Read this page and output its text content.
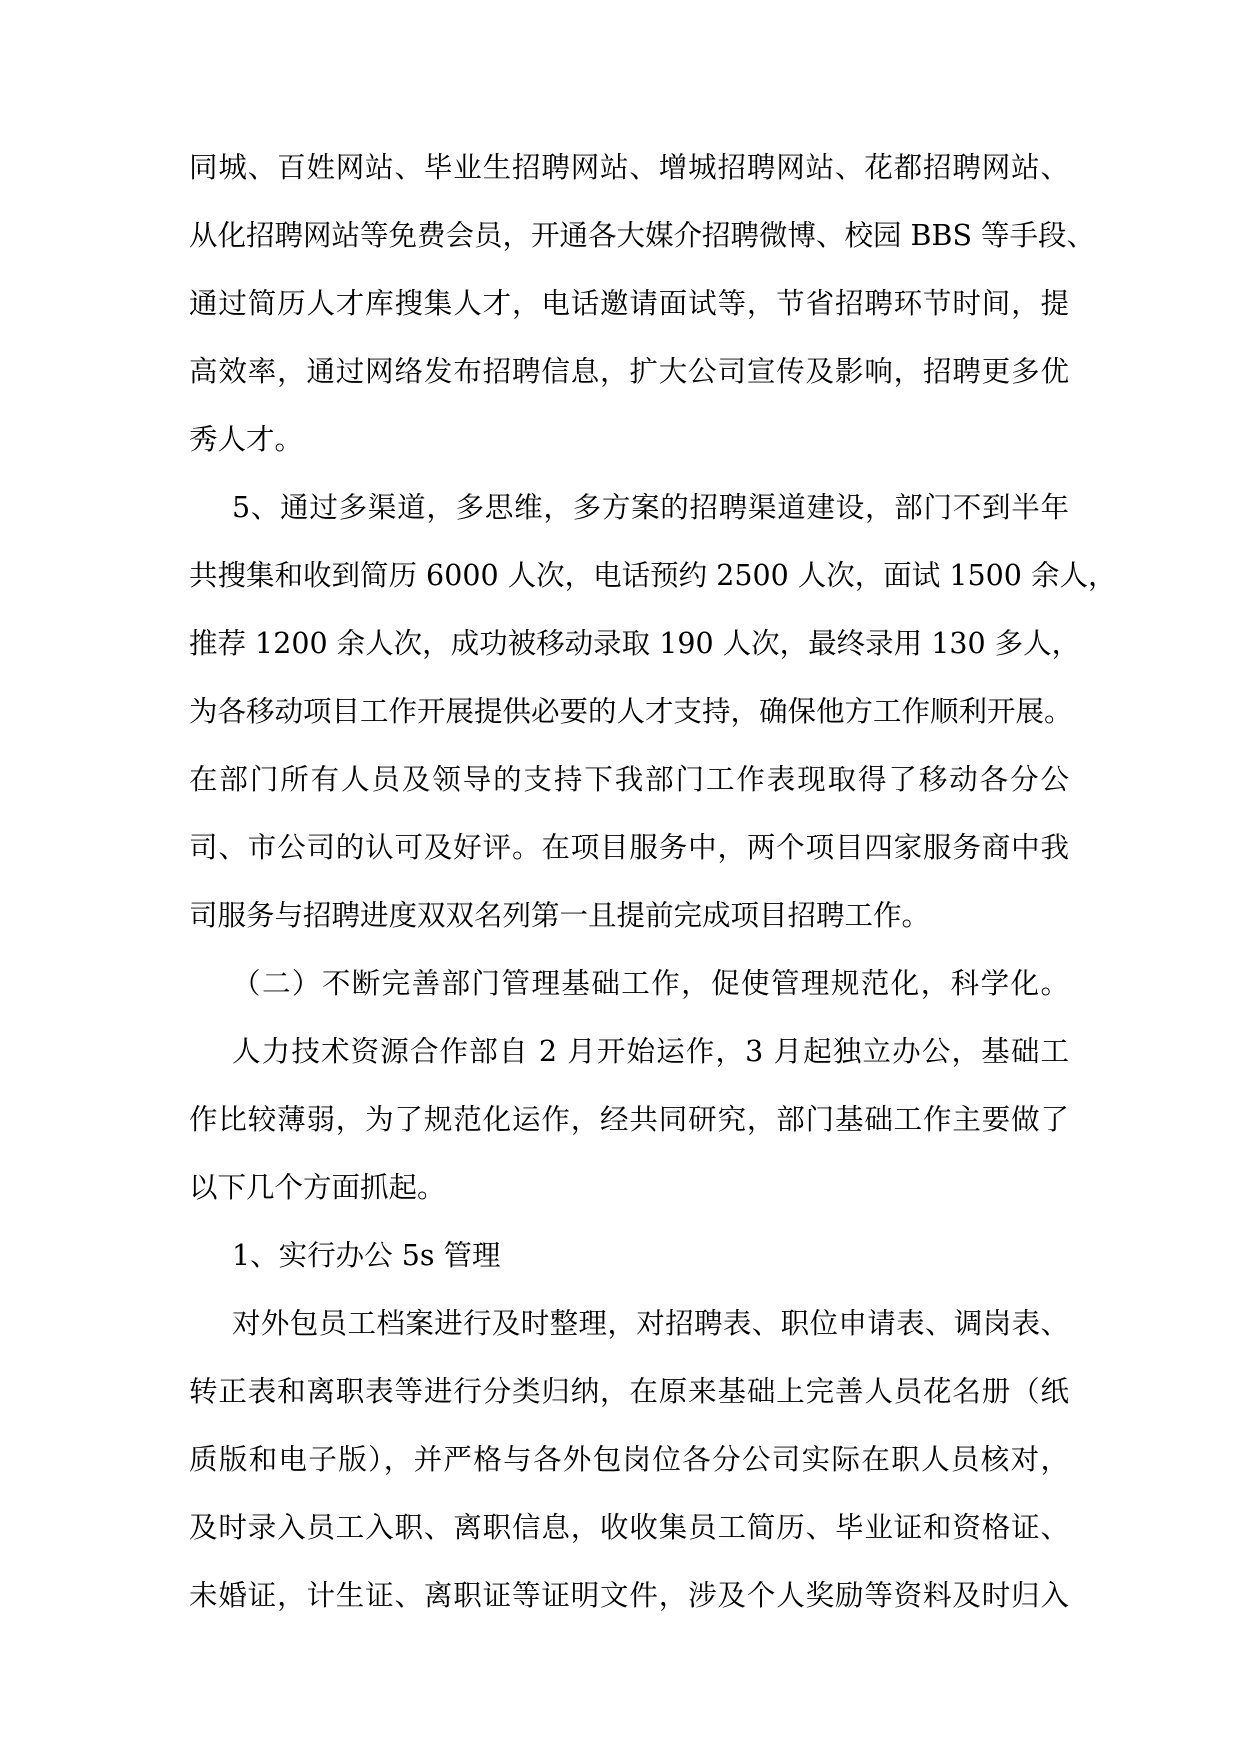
同城、百姓网站、毕业生招聘网站、增城招聘网站、花都招聘网站、
从化招聘网站等免费会员，开通各大媒介招聘微博、校园 BBS 等手段、
通过简历人才库搜集人才，电话邀请面试等，节省招聘环节时间，提
高效率，通过网络发布招聘信息，扩大公司宣传及影响，招聘更多优
秀人才。
5、通过多渠道，多思维，多方案的招聘渠道建设，部门不到半年
共搜集和收到简历 6000 人次，电话预约 2500 人次，面试 1500 余人，
推荐 1200 余人次，成功被移动录取 190 人次，最终录用 130 多人，
为各移动项目工作开展提供必要的人才支持，确保他方工作顺利开展。
在部门所有人员及领导的支持下我部门工作表现取得了移动各分公
司、市公司的认可及好评。在项目服务中，两个项目四家服务商中我
司服务与招聘进度双双名列第一且提前完成项目招聘工作。
（二）不断完善部门管理基础工作，促使管理规范化，科学化。
人力技术资源合作部自 2 月开始运作，3 月起独立办公，基础工
作比较薄弱，为了规范化运作，经共同研究，部门基础工作主要做了
以下几个方面抓起。
1、实行办公 5s 管理
对外包员工档案进行及时整理，对招聘表、职位申请表、调岗表、
转正表和离职表等进行分类归纳，在原来基础上完善人员花名册（纸
质版和电子版），并严格与各外包岗位各分公司实际在职人员核对，
及时录入员工入职、离职信息，收收集员工简历、毕业证和资格证、
未婚证，计生证、离职证等证明文件，涉及个人奖励等资料及时归入
